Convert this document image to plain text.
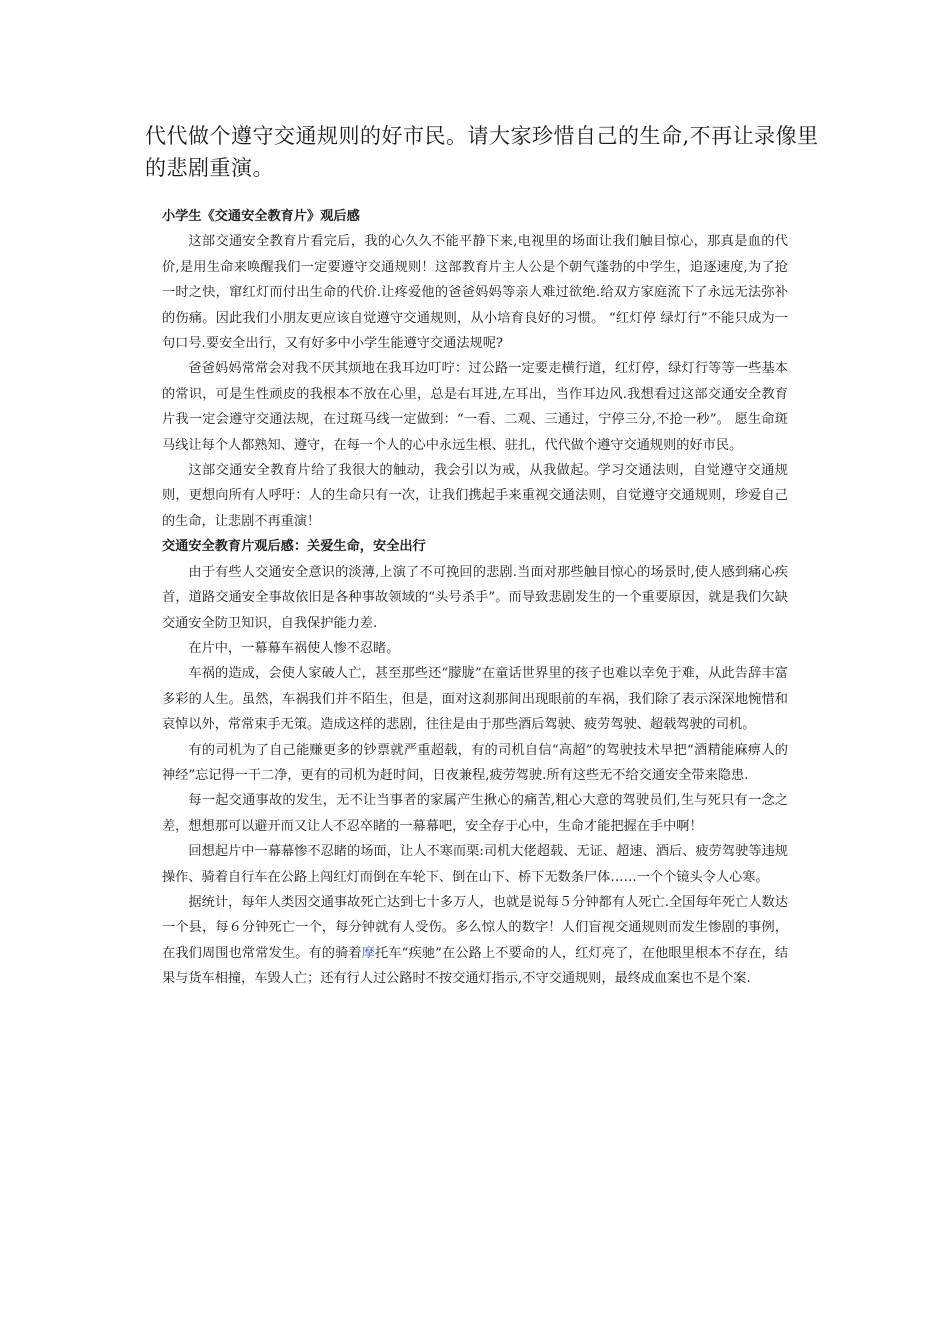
代代做个遵守交通规则的好市民。请大家珍惜自己的生命,不再让录像里的悲剧重演。

小学生《交通安全教育片》观后感

这部交通安全教育片看完后，我的心久久不能平静下来,电视里的场面让我们触目惊心，那真是血的代价,是用生命来唤醒我们一定要遵守交通规则！这部教育片主人公是个朝气蓬勃的中学生，追逐速度,为了抢一时之快，窜红灯而付出生命的代价.让疼爱他的爸爸妈妈等亲人难过欲绝.给双方家庭流下了永远无法弥补的伤痛。因此我们小朋友更应该自觉遵守交通规则，从小培育良好的习惯。 “红灯停 绿灯行”不能只成为一句口号.要安全出行，又有好多中小学生能遵守交通法规呢?

爸爸妈妈常常会对我不厌其烦地在我耳边叮咛：过公路一定要走横行道，红灯停，绿灯行等等一些基本的常识，可是生性顽皮的我根本不放在心里，总是右耳进,左耳出，当作耳边风.我想看过这部交通安全教育片我一定会遵守交通法规，在过斑马线一定做到：“一看、二观、三通过，宁停三分,不抢一秒”。 愿生命斑马线让每个人都熟知、遵守，在每一个人的心中永远生根、驻扎，代代做个遵守交通规则的好市民。

这部交通安全教育片给了我很大的触动，我会引以为戒，从我做起。学习交通法则，自觉遵守交通规则，更想向所有人呼吁：人的生命只有一次，让我们携起手来重视交通法则，自觉遵守交通规则，珍爱自己的生命，让悲剧不再重演！

交通安全教育片观后感：关爱生命，安全出行

由于有些人交通安全意识的淡薄,上演了不可挽回的悲剧.当面对那些触目惊心的场景时,使人感到痛心疾首，道路交通安全事故依旧是各种事故领域的“头号杀手”。而导致悲剧发生的一个重要原因，就是我们欠缺交通安全防卫知识，自我保护能力差.

在片中，一幕幕车祸使人惨不忍睹。

车祸的造成，会使人家破人亡，甚至那些还“朦胧”在童话世界里的孩子也难以幸免于难，从此告辞丰富多彩的人生。虽然，车祸我们并不陌生，但是，面对这刹那间出现眼前的车祸，我们除了表示深深地惋惜和哀悼以外，常常束手无策。造成这样的悲剧，往往是由于那些酒后驾驶、疲劳驾驶、超载驾驶的司机。

有的司机为了自己能赚更多的钞票就严重超载，有的司机自信“高超”的驾驶技术早把“酒精能麻痹人的神经”忘记得一干二净，更有的司机为赶时间，日夜兼程,疲劳驾驶.所有这些无不给交通安全带来隐患.

每一起交通事故的发生，无不让当事者的家属产生揪心的痛苦,粗心大意的驾驶员们,生与死只有一念之差，想想那可以避开而又让人不忍卒睹的一幕幕吧，安全存于心中，生命才能把握在手中啊！

回想起片中一幕幕惨不忍睹的场面，让人不寒而栗:司机大佬超载、无证、超速、酒后、疲劳驾驶等违规操作、骑着自行车在公路上闯红灯而倒在车轮下、倒在山下、桥下无数条尸体……一个个镜头令人心寒。

据统计，每年人类因交通事故死亡达到七十多万人，也就是说每５分钟都有人死亡.全国每年死亡人数达一个县，每６分钟死亡一个，每分钟就有人受伤。多么惊人的数字！人们盲视交通规则而发生惨剧的事例，在我们周围也常常发生。有的骑着摩托车“疾驰”在公路上不要命的人，红灯亮了，在他眼里根本不存在，结果与货车相撞，车毁人亡；还有行人过公路时不按交通灯指示,不守交通规则，最终成血案也不是个案.
